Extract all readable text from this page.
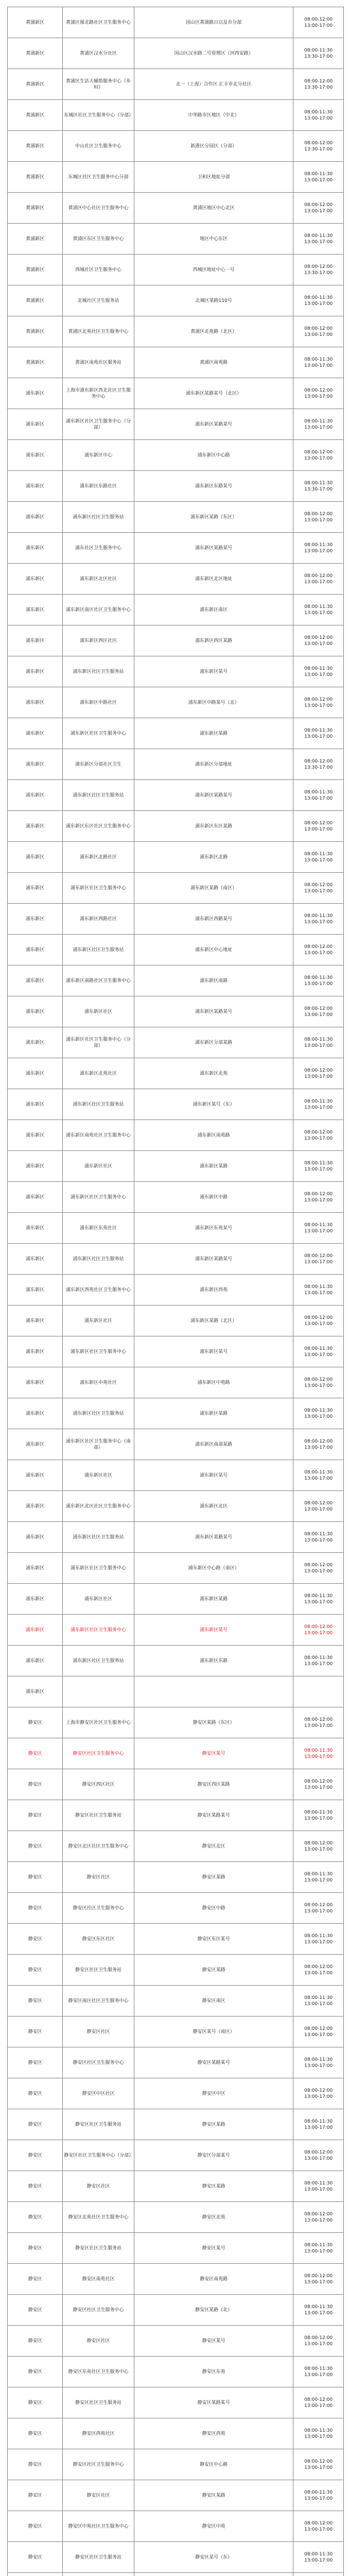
黄浦新区	黄浦区图北路社区卫生服务中心	国山区黄浦路日以及市分部	08:00-12:00
13:00-17:00
黄浦新区	黄浦区汉水分社区	国山区汉水路二号管理区（河西安路）	08:00-11:30
13:30-17:00
黄浦新区	黄浦区生活大辅助服务中心（乡村）	北一（上海）合作区 汇丰市北分社区	08:00-12:00
13:30-17:00
黄浦新区	东城区社区卫生服务中心（分部）	中华路市区地区（中北）	08:00-11:30
13:00-17:00
黄浦新区	中山社区卫生服务中心	新港区分园区（分部）	08:00-12:00
13:30-17:00
黄浦新区	东城区社区卫生服务中心分部	卫和区地址分部	08:00-11:30
13:00-17:00
黄浦新区	黄浦区中心社区卫生服务中心	黄浦区地区中心北区	08:00-12:00
13:00-17:00
黄浦新区	黄浦区东区卫生服务中心	地区中心东区	08:00-11:30
13:00-17:00
黄浦新区	西城社区卫生服务中心	西城区地址中心一号	08:00-12:00
13:30-17:00
黄浦新区	北城社区卫生服务站	北城区某路110号	08:00-11:30
13:00-17:00
黄浦新区	黄浦区北苑社区卫生服务中心	黄浦区北苑路（北区）	08:00-12:00
13:00-17:00
黄浦新区	黄浦区南苑社区服务站	黄浦区南苑路	08:00-11:30
13:00-17:00
浦东新区	上海市浦东新区西北社区卫生服务中心	浦东新区某路某号（北区）	08:00-12:00
13:00-17:00
浦东新区	浦东新区社区卫生服务中心（分部）	浦东新区某路某号	08:00-11:30
13:00-17:00
浦东新区	浦东新区中心	浦东新区中心路	08:00-12:00
13:00-17:00
浦东新区	浦东新区东路社区	浦东新区东路某号	08:00-11:30
13:30-17:00
浦东新区	浦东新区社区卫生服务站	浦东新区某路（东区）	08:00-12:00
13:00-17:00
浦东新区	浦东社区卫生服务中心	浦东新区某路某号	08:00-11:30
13:00-17:00
浦东新区	浦东新区北区社区	浦东新区北区地址	08:00-12:00
13:00-17:00
浦东新区	浦东新区南区社区卫生服务中心	浦东新区南区	08:00-11:30
13:00-17:00
浦东新区	浦东新区西区社区	浦东新区西区某路	08:00-12:00
13:00-17:00
浦东新区	浦东新区社区卫生服务站	浦东新区某号	08:00-11:30
13:00-17:00
浦东新区	浦东新区中路社区	浦东新区中路某号（北）	08:00-12:00
13:00-17:00
浦东新区	浦东新区社区卫生服务中心	浦东新区某路	08:00-11:30
13:00-17:00
浦东新区	浦东新区分部社区卫生	浦东新区分部地址	08:00-12:00
13:30-17:00
浦东新区	浦东新区社区卫生服务站	浦东新区某路某号	08:00-11:30
13:00-17:00
浦东新区	浦东新区东区社区卫生服务中心	浦东新区东区某路	08:00-12:00
13:00-17:00
浦东新区	浦东新区北路社区	浦东新区北路	08:00-11:30
13:00-17:00
浦东新区	浦东新区社区卫生服务中心	浦东新区某路（南区）	08:00-12:00
13:00-17:00
浦东新区	浦东新区西路社区	浦东新区西路某号	08:00-11:30
13:00-17:00
浦东新区	浦东新区社区卫生服务站	浦东新区中心地址	08:00-12:00
13:00-17:00
浦东新区	浦东新区南路社区卫生服务中心	浦东新区南路	08:00-11:30
13:00-17:00
浦东新区	浦东新区社区	浦东新区某路某号	08:00-12:00
13:00-17:00
浦东新区	浦东新区社区卫生服务中心（分部）	浦东新区分部某路	08:00-11:30
13:00-17:00
浦东新区	浦东新区北苑社区	浦东新区北苑	08:00-12:00
13:00-17:00
浦东新区	浦东新区社区卫生服务站	浦东新区某号（东）	08:00-11:30
13:00-17:00
浦东新区	浦东新区南苑社区卫生服务中心	浦东新区南苑路	08:00-12:00
13:00-17:00
浦东新区	浦东新区社区	浦东新区某路	08:00-11:30
13:00-17:00
浦东新区	浦东新区社区卫生服务中心	浦东新区中路	08:00-12:00
13:00-17:00
浦东新区	浦东新区东苑社区	浦东新区东苑某号	08:00-11:30
13:00-17:00
浦东新区	浦东新区社区卫生服务站	浦东新区某路某号	08:00-12:00
13:00-17:00
浦东新区	浦东新区西苑社区卫生服务中心	浦东新区西苑	08:00-11:30
13:00-17:00
浦东新区	浦东新区社区	浦东新区某路（北区）	08:00-12:00
13:00-17:00
浦东新区	浦东新区社区卫生服务中心	浦东新区某号	08:00-11:30
13:00-17:00
浦东新区	浦东新区中苑社区	浦东新区中苑路	08:00-12:00
13:00-17:00
浦东新区	浦东新区社区卫生服务站	浦东新区某路	08:00-11:30
13:00-17:00
浦东新区	浦东新区社区卫生服务中心（南部）	浦东新区南部某路	08:00-12:00
13:00-17:00
浦东新区	浦东新区社区	浦东新区某号	08:00-11:30
13:00-17:00
浦东新区	浦东新区北区社区卫生服务中心	浦东新区北区	08:00-12:00
13:00-17:00
浦东新区	浦东新区社区卫生服务站	浦东新区某路某号	08:00-11:30
13:00-17:00
浦东新区	浦东新区社区卫生服务中心	浦东新区中心路（南区）	08:00-12:00
13:00-17:00
浦东新区	浦东新区社区	浦东新区某路	08:00-11:30
13:00-17:00
浦东新区	浦东新区社区卫生服务中心	浦东新区某号	08:00-12:00
13:00-17:00
浦东新区	浦东新区社区卫生服务站	浦东新区东路	08:00-11:30
13:00-17:00
浦东新区			
静安区	上海市静安区社区卫生服务中心	静安区某路（东区）	08:00-12:00
13:00-17:00
静安区	静安区社区卫生服务中心	静安区某号	08:00-11:30
13:00-17:00
静安区	静安区西区社区	静安区西区某路	08:00-12:00
13:00-17:00
静安区	静安区社区卫生服务站	静安区某路某号	08:00-11:30
13:00-17:00
静安区	静安区北区社区卫生服务中心	静安区北区	08:00-12:00
13:00-17:00
静安区	静安区社区	静安区某路	08:00-11:30
13:00-17:00
静安区	静安区社区卫生服务中心	静安区中路	08:00-12:00
13:00-17:00
静安区	静安区东区社区	静安区东区某号	08:00-11:30
13:00-17:00
静安区	静安区社区卫生服务站	静安区某路	08:00-12:00
13:00-17:00
静安区	静安区南区社区卫生服务中心	静安区南区	08:00-11:30
13:00-17:00
静安区	静安区社区	静安区某号（南区）	08:00-12:00
13:00-17:00
静安区	静安区社区卫生服务中心	静安区某路某号	08:00-11:30
13:00-17:00
静安区	静安区中区社区	静安区中区	08:00-12:00
13:00-17:00
静安区	静安区社区卫生服务站	静安区某路	08:00-11:30
13:00-17:00
静安区	静安区社区卫生服务中心（分部）	静安区分部某号	08:00-12:00
13:00-17:00
静安区	静安区社区	静安区某路	08:00-11:30
13:00-17:00
静安区	静安区北苑社区卫生服务中心	静安区北苑	08:00-12:00
13:00-17:00
静安区	静安区社区卫生服务站	静安区某号	08:00-11:30
13:00-17:00
静安区	静安区南苑社区	静安区南苑路	08:00-12:00
13:00-17:00
静安区	静安区社区卫生服务中心	静安区某路（北）	08:00-11:30
13:00-17:00
静安区	静安区社区	静安区某号	08:00-12:00
13:00-17:00
静安区	静安区东苑社区卫生服务中心	静安区东苑	08:00-11:30
13:00-17:00
静安区	静安区社区卫生服务站	静安区某路某号	08:00-12:00
13:00-17:00
静安区	静安区西苑社区	静安区西苑	08:00-11:30
13:00-17:00
静安区	静安区社区卫生服务中心	静安区中心路	08:00-12:00
13:00-17:00
静安区	静安区社区	静安区某路	08:00-11:30
13:00-17:00
静安区	静安区中苑社区卫生服务中心	静安区中苑	08:00-12:00
13:00-17:00
静安区	静安区社区卫生服务站	静安区某号（东）	08:00-11:30
13:00-17:00
